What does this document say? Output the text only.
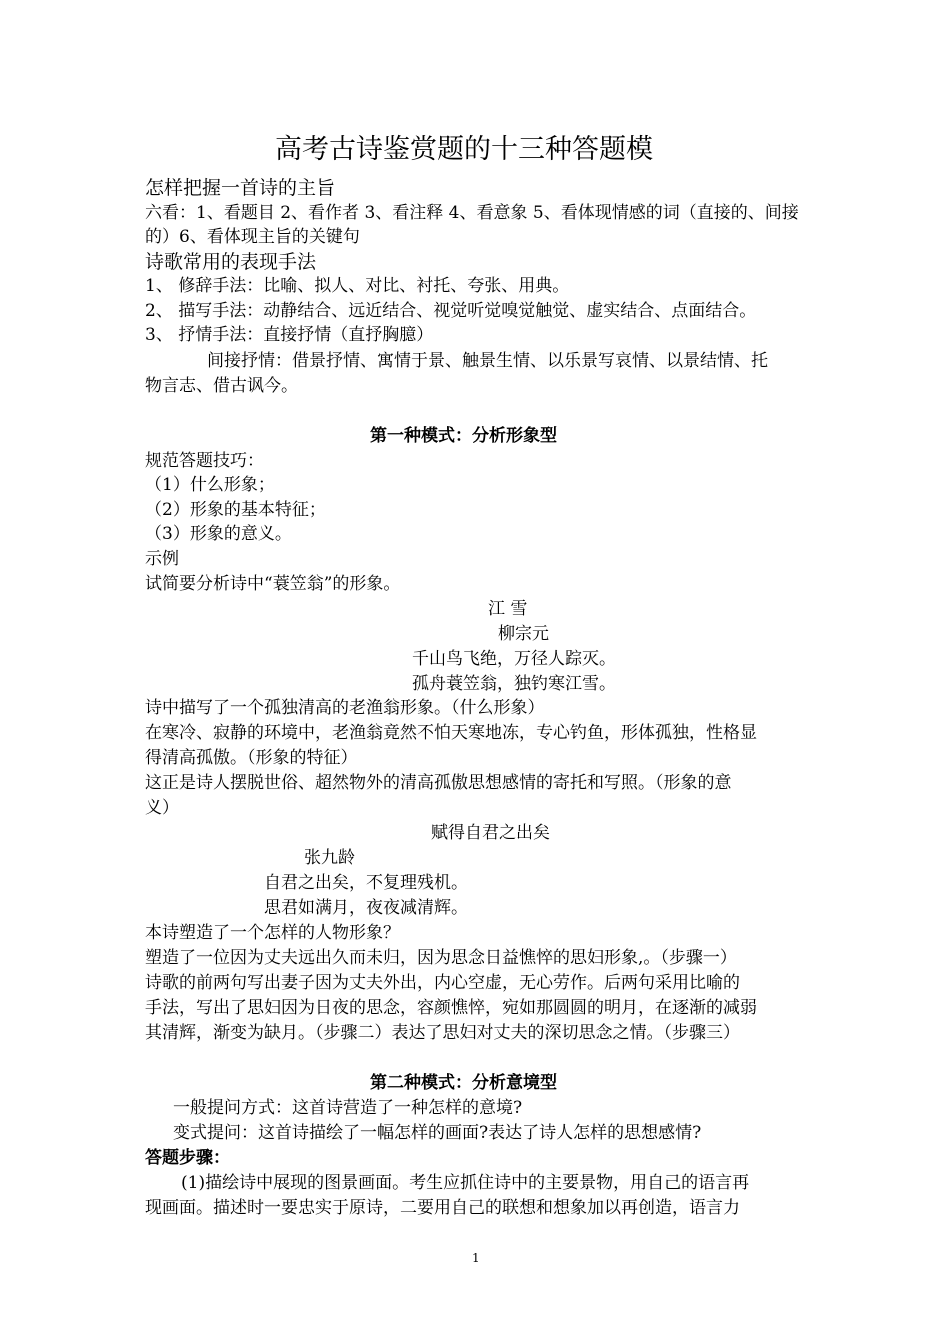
高考古诗鉴赏题的十三种答题模
怎样把握一首诗的主旨
六看：1、看题目 2、看作者 3、看注释 4、看意象 5、看体现情感的词（直接的、间接
的）6、看体现主旨的关键句
诗歌常用的表现手法
1、 修辞手法：比喻、拟人、对比、衬托、夸张、用典。
2、 描写手法：动静结合、远近结合、视觉听觉嗅觉触觉、虚实结合、点面结合。
3、 抒情手法：直接抒情（直抒胸臆）
间接抒情：借景抒情、寓情于景、触景生情、以乐景写哀情、以景结情、托
物言志、借古讽今。
第一种模式：分析形象型
规范答题技巧：
（1）什么形象；
（2）形象的基本特征；
（3）形象的意义。
示例
试简要分析诗中“蓑笠翁”的形象。
江 雪
柳宗元
千山鸟飞绝，万径人踪灭。
孤舟蓑笠翁，独钓寒江雪。
诗中描写了一个孤独清高的老渔翁形象。（什么形象）
在寒冷、寂静的环境中，老渔翁竟然不怕天寒地冻，专心钓鱼，形体孤独，性格显
得清高孤傲。（形象的特征）
这正是诗人摆脱世俗、超然物外的清高孤傲思想感情的寄托和写照。（形象的意
义）
赋得自君之出矣
张九龄
自君之出矣，不复理残机。
思君如满月，夜夜减清辉。
本诗塑造了一个怎样的人物形象？
塑造了一位因为丈夫远出久而未归，因为思念日益憔悴的思妇形象,。（步骤一）
诗歌的前两句写出妻子因为丈夫外出，内心空虚，无心劳作。后两句采用比喻的
手法，写出了思妇因为日夜的思念，容颜憔悴，宛如那圆圆的明月，在逐渐的减弱
其清辉，渐变为缺月。（步骤二）表达了思妇对丈夫的深切思念之情。（步骤三）
第二种模式：分析意境型
一般提问方式：这首诗营造了一种怎样的意境?
变式提问：这首诗描绘了一幅怎样的画面?表达了诗人怎样的思想感情?
答题步骤：
(1)描绘诗中展现的图景画面。考生应抓住诗中的主要景物，用自己的语言再
现画面。描述时一要忠实于原诗，二要用自己的联想和想象加以再创造，语言力
1
